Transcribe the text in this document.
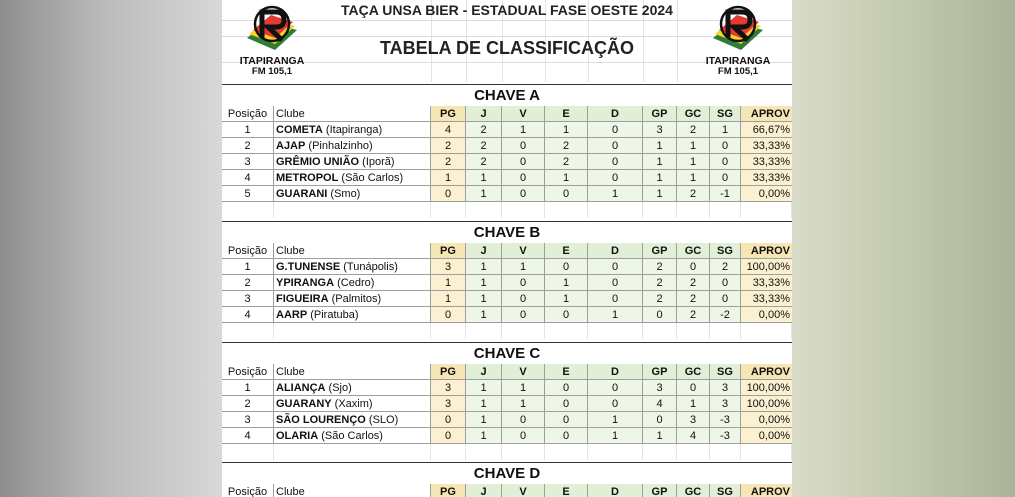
TAÇA UNSA BIER - ESTADUAL FASE OESTE 2024
TABELA DE CLASSIFICAÇÃO
ITAPIRANGA
FM 105,1
ITAPIRANGA
FM 105,1
CHAVE A
Posição Clube	PG	J	V	E	D	GP	GC	SG	APROV
1	COMETA (Itapiranga)	4	2	1	1	0	3	2	1	66,67%
2	AJAP (Pinhalzinho)	2	2	0	2	0	1	1	0	33,33%
3	GRÊMIO UNIÃO (Iporã)	2	2	0	2	0	1	1	0	33,33%
4	METROPOL (São Carlos)	1	1	0	1	0	1	1	0	33,33%
5	GUARANI (Smo)	0	1	0	0	1	1	2	-1	0,00%
CHAVE B
Posição Clube	PG	J	V	E	D	GP	GC	SG	APROV
1	G.TUNENSE (Tunápolis)	3	1	1	0	0	2	0	2	100,00%
2	YPIRANGA (Cedro)	1	1	0	1	0	2	2	0	33,33%
3	FIGUEIRA (Palmitos)	1	1	0	1	0	2	2	0	33,33%
4	AARP (Piratuba)	0	1	0	0	1	0	2	-2	0,00%
CHAVE C
Posição Clube	PG	J	V	E	D	GP	GC	SG	APROV
1	ALIANÇA (Sjo)	3	1	1	0	0	3	0	3	100,00%
2	GUARANY (Xaxim)	3	1	1	0	0	4	1	3	100,00%
3	SÃO LOURENÇO (SLO)	0	1	0	0	1	0	3	-3	0,00%
4	OLARIA (São Carlos)	0	1	0	0	1	1	4	-3	0,00%
CHAVE D
Posição Clube	PG	J	V	E	D	GP	GC	SG	APROV
